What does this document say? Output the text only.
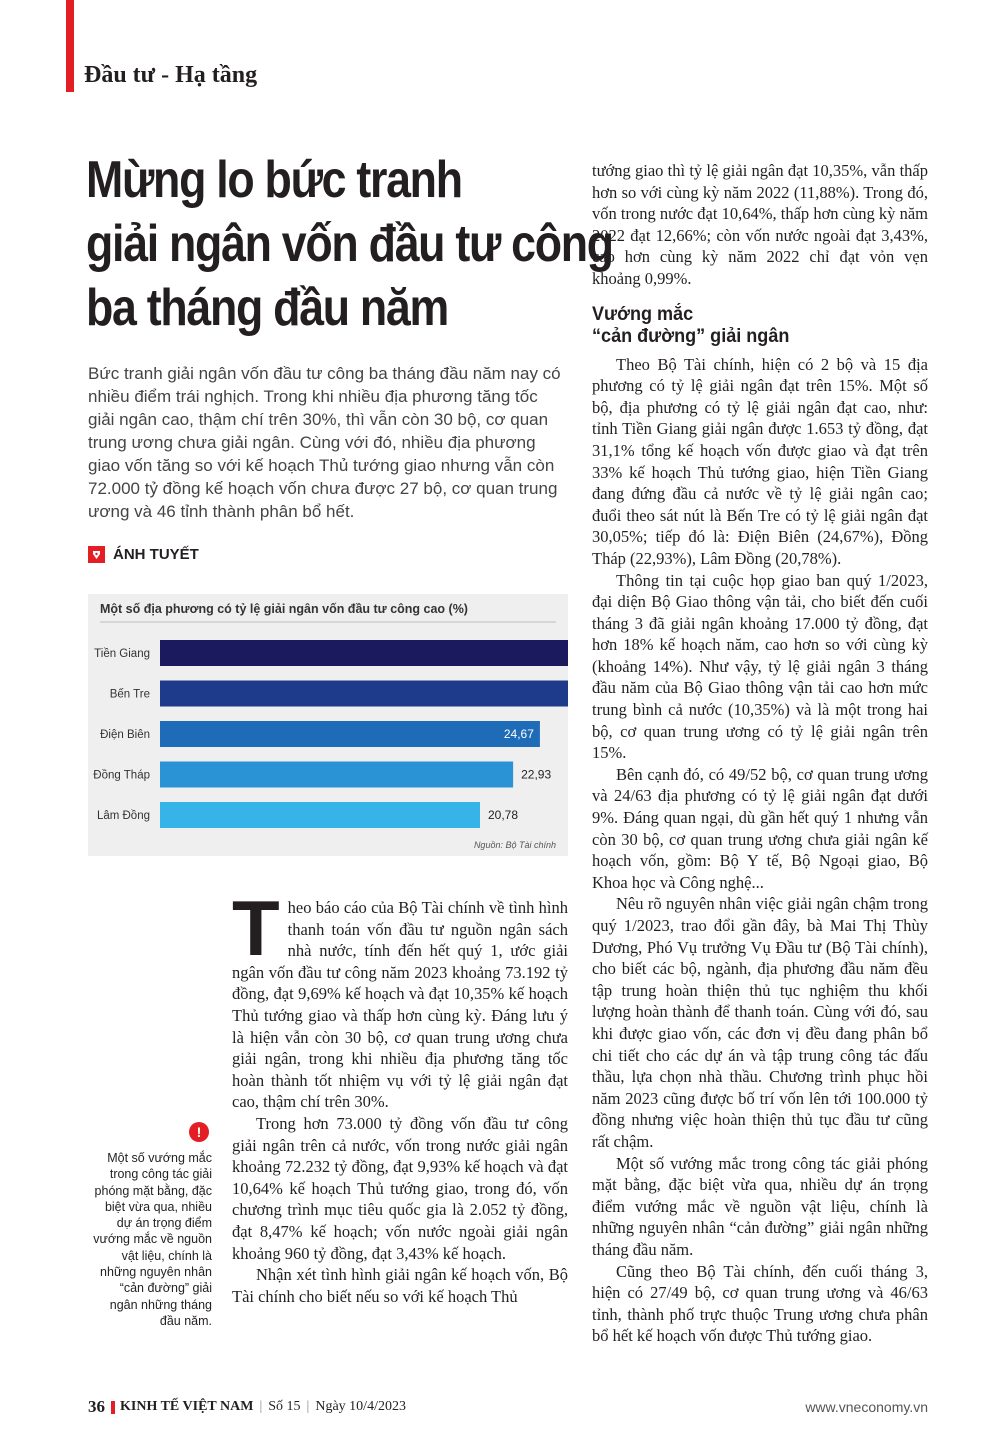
Đầu tư - Hạ tầng
Mừng lo bức tranh
giải ngân vốn đầu tư công
ba tháng đầu năm
Bức tranh giải ngân vốn đầu tư công ba tháng đầu năm nay có nhiều điểm trái nghịch. Trong khi nhiều địa phương tăng tốc giải ngân cao, thậm chí trên 30%, thì vẫn còn 30 bộ, cơ quan trung ương chưa giải ngân. Cùng với đó, nhiều địa phương giao vốn tăng so với kế hoạch Thủ tướng giao nhưng vẫn còn 72.000 tỷ đồng kế hoạch vốn chưa được 27 bộ, cơ quan trung ương và 46 tỉnh thành phân bổ hết.
ÁNH TUYẾT
Một số địa phương có tỷ lệ giải ngân vốn đầu tư công cao (%)
Tiền Giang
Bến Tre
Điện Biên	24,67
Đồng Tháp	22,93
Lâm Đồng	20,78
Nguồn: Bộ Tài chính

Theo báo cáo của Bộ Tài chính về tình hình thanh toán vốn đầu tư nguồn ngân sách nhà nước, tính đến hết quý 1, ước giải ngân vốn đầu tư công năm 2023 khoảng 73.192 tỷ đồng, đạt 9,69% kế hoạch và đạt 10,35% kế hoạch Thủ tướng giao và thấp hơn cùng kỳ. Đáng lưu ý là hiện vẫn còn 30 bộ, cơ quan trung ương chưa giải ngân, trong khi nhiều địa phương tăng tốc hoàn thành tốt nhiệm vụ với tỷ lệ giải ngân đạt cao, thậm chí trên 30%.

Trong hơn 73.000 tỷ đồng vốn đầu tư công giải ngân trên cả nước, vốn trong nước giải ngân khoảng 72.232 tỷ đồng, đạt 9,93% kế hoạch và đạt 10,64% kế hoạch Thủ tướng giao, trong đó, vốn chương trình mục tiêu quốc gia là 2.052 tỷ đồng, đạt 8,47% kế hoạch; vốn nước ngoài giải ngân khoảng 960 tỷ đồng, đạt 3,43% kế hoạch.

Nhận xét tình hình giải ngân kế hoạch vốn, Bộ Tài chính cho biết nếu so với kế hoạch Thủ

tướng giao thì tỷ lệ giải ngân đạt 10,35%, vẫn thấp hơn so với cùng kỳ năm 2022 (11,88%). Trong đó, vốn trong nước đạt 10,64%, thấp hơn cùng kỳ năm 2022 đạt 12,66%; còn vốn nước ngoài đạt 3,43%, cao hơn cùng kỳ năm 2022 chỉ đạt vỏn vẹn khoảng 0,99%.

Vướng mắc
“cản đường” giải ngân

Theo Bộ Tài chính, hiện có 2 bộ và 15 địa phương có tỷ lệ giải ngân đạt trên 15%. Một số bộ, địa phương có tỷ lệ giải ngân đạt cao, như: tỉnh Tiền Giang giải ngân được 1.653 tỷ đồng, đạt 31,1% tổng kế hoạch vốn được giao và đạt trên 33% kế hoạch Thủ tướng giao, hiện Tiền Giang đang đứng đầu cả nước về tỷ lệ giải ngân cao; đuổi theo sát nút là Bến Tre có tỷ lệ giải ngân đạt 30,05%; tiếp đó là: Điện Biên (24,67%), Đồng Tháp (22,93%), Lâm Đồng (20,78%).

Thông tin tại cuộc họp giao ban quý 1/2023, đại diện Bộ Giao thông vận tải, cho biết đến cuối tháng 3 đã giải ngân khoảng 17.000 tỷ đồng, đạt hơn 18% kế hoạch năm, cao hơn so với cùng kỳ (khoảng 14%). Như vậy, tỷ lệ giải ngân 3 tháng đầu năm của Bộ Giao thông vận tải cao hơn mức trung bình cả nước (10,35%) và là một trong hai bộ, cơ quan trung ương có tỷ lệ giải ngân trên 15%.

Bên cạnh đó, có 49/52 bộ, cơ quan trung ương và 24/63 địa phương có tỷ lệ giải ngân đạt dưới 9%. Đáng quan ngại, dù gần hết quý 1 nhưng vẫn còn 30 bộ, cơ quan trung ương chưa giải ngân kế hoạch vốn, gồm: Bộ Y tế, Bộ Ngoại giao, Bộ Khoa học và Công nghệ...

Nêu rõ nguyên nhân việc giải ngân chậm trong quý 1/2023, trao đổi gần đây, bà Mai Thị Thùy Dương, Phó Vụ trưởng Vụ Đầu tư (Bộ Tài chính), cho biết các bộ, ngành, địa phương đầu năm đều tập trung hoàn thiện thủ tục nghiệm thu khối lượng hoàn thành để thanh toán. Cùng với đó, sau khi được giao vốn, các đơn vị đều đang phân bổ chi tiết cho các dự án và tập trung công tác đấu thầu, lựa chọn nhà thầu. Chương trình phục hồi năm 2023 cũng được bố trí vốn lên tới 100.000 tỷ đồng nhưng việc hoàn thiện thủ tục đầu tư cũng rất chậm.

Một số vướng mắc trong công tác giải phóng mặt bằng, đặc biệt vừa qua, nhiều dự án trọng điểm vướng mắc về nguồn vật liệu, chính là những nguyên nhân “cản đường” giải ngân những tháng đầu năm.

Cũng theo Bộ Tài chính, đến cuối tháng 3, hiện có 27/49 bộ, cơ quan trung ương và 46/63 tỉnh, thành phố trực thuộc Trung ương chưa phân bổ hết kế hoạch vốn được Thủ tướng giao.

!
Một số vướng mắc trong công tác giải phóng mặt bằng, đặc biệt vừa qua, nhiều dự án trọng điểm vướng mắc về nguồn vật liệu, chính là những nguyên nhân “cản đường” giải ngân những tháng đầu năm.
36 KINH TẾ VIỆT NAM | Số 15 | Ngày 10/4/2023	www.vneconomy.vn
